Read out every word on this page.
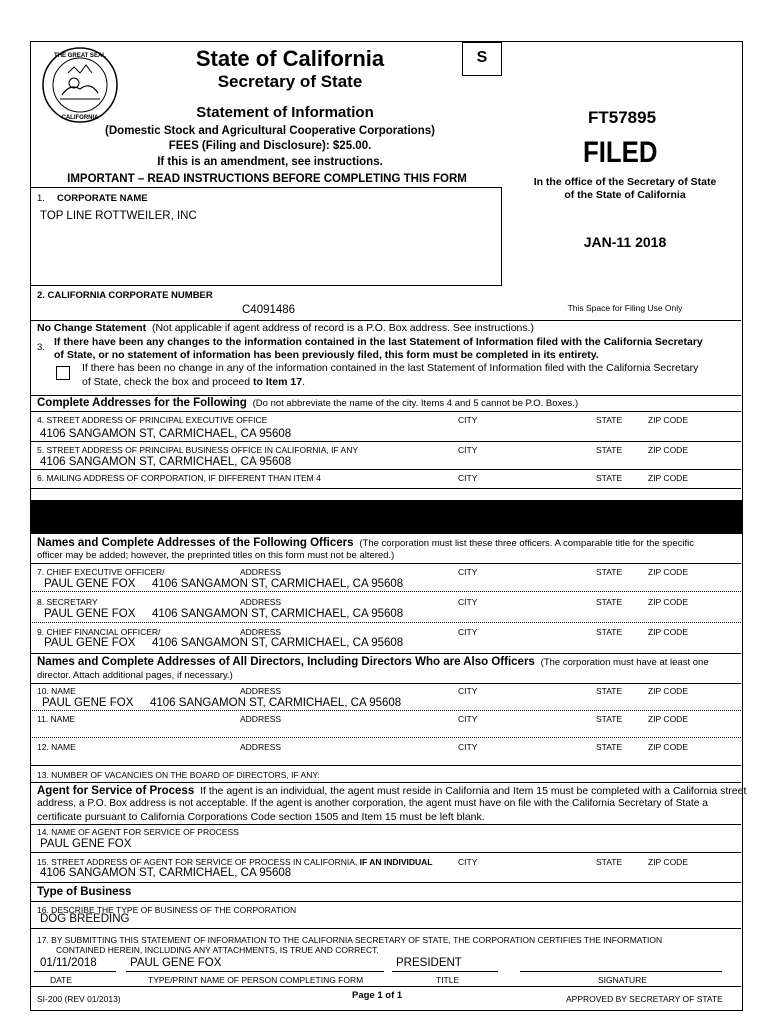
THE GREAT SEAL
CALIFORNIA
State of California
Secretary of State
S
Statement of Information
(Domestic Stock and Agricultural Cooperative Corporations)
FEES (Filing and Disclosure): $25.00.
If this is an amendment, see instructions.
IMPORTANT – READ INSTRUCTIONS BEFORE COMPLETING THIS FORM
FT57895
FILED
In the office of the Secretary of State
of the State of California
JAN-11 2018
This Space for Filing Use Only
1. CORPORATE NAME
TOP LINE ROTTWEILER, INC
2. CALIFORNIA CORPORATE NUMBER
C4091486
No Change Statement (Not applicable if agent address of record is a P.O. Box address. See instructions.)
3. If there have been any changes to the information contained in the last Statement of Information filed with the California Secretary
of State, or no statement of information has been previously filed, this form must be completed in its entirety.
If there has been no change in any of the information contained in the last Statement of Information filed with the California Secretary
of State, check the box and proceed to Item 17.
Complete Addresses for the Following (Do not abbreviate the name of the city. Items 4 and 5 cannot be P.O. Boxes.)
4. STREET ADDRESS OF PRINCIPAL EXECUTIVE OFFICE	CITY	STATE	ZIP CODE
4106 SANGAMON ST, CARMICHAEL, CA 95608
5. STREET ADDRESS OF PRINCIPAL BUSINESS OFFICE IN CALIFORNIA, IF ANY	CITY	STATE	ZIP CODE
4106 SANGAMON ST, CARMICHAEL, CA 95608
6. MAILING ADDRESS OF CORPORATION, IF DIFFERENT THAN ITEM 4	CITY	STATE	ZIP CODE
Names and Complete Addresses of the Following Officers (The corporation must list these three officers. A comparable title for the specific
officer may be added; however, the preprinted titles on this form must not be altered.)
7. CHIEF EXECUTIVE OFFICER/	ADDRESS	CITY	STATE	ZIP CODE
PAUL GENE FOX 4106 SANGAMON ST, CARMICHAEL, CA 95608
8. SECRETARY	ADDRESS	CITY	STATE	ZIP CODE
PAUL GENE FOX 4106 SANGAMON ST, CARMICHAEL, CA 95608
9. CHIEF FINANCIAL OFFICER/	ADDRESS	CITY	STATE	ZIP CODE
PAUL GENE FOX 4106 SANGAMON ST, CARMICHAEL, CA 95608
Names and Complete Addresses of All Directors, Including Directors Who are Also Officers (The corporation must have at least one
director. Attach additional pages, if necessary.)
10. NAME	ADDRESS	CITY	STATE	ZIP CODE
PAUL GENE FOX 4106 SANGAMON ST, CARMICHAEL, CA 95608
11. NAME	ADDRESS	CITY	STATE	ZIP CODE
12. NAME	ADDRESS	CITY	STATE	ZIP CODE
13. NUMBER OF VACANCIES ON THE BOARD OF DIRECTORS, IF ANY:
Agent for Service of Process If the agent is an individual, the agent must reside in California and Item 15 must be completed with a California street
address, a P.O. Box address is not acceptable. If the agent is another corporation, the agent must have on file with the California Secretary of State a
certificate pursuant to California Corporations Code section 1505 and Item 15 must be left blank.
14. NAME OF AGENT FOR SERVICE OF PROCESS
PAUL GENE FOX
15. STREET ADDRESS OF AGENT FOR SERVICE OF PROCESS IN CALIFORNIA, IF AN INDIVIDUAL	CITY	STATE	ZIP CODE
4106 SANGAMON ST, CARMICHAEL, CA 95608
Type of Business
16. DESCRIBE THE TYPE OF BUSINESS OF THE CORPORATION
DOG BREEDING
17. BY SUBMITTING THIS STATEMENT OF INFORMATION TO THE CALIFORNIA SECRETARY OF STATE, THE CORPORATION CERTIFIES THE INFORMATION
CONTAINED HEREIN, INCLUDING ANY ATTACHMENTS, IS TRUE AND CORRECT.
01/11/2018	PAUL GENE FOX	PRESIDENT
DATE	TYPE/PRINT NAME OF PERSON COMPLETING FORM	TITLE	SIGNATURE
SI-200 (REV 01/2013)	Page 1 of 1	APPROVED BY SECRETARY OF STATE
